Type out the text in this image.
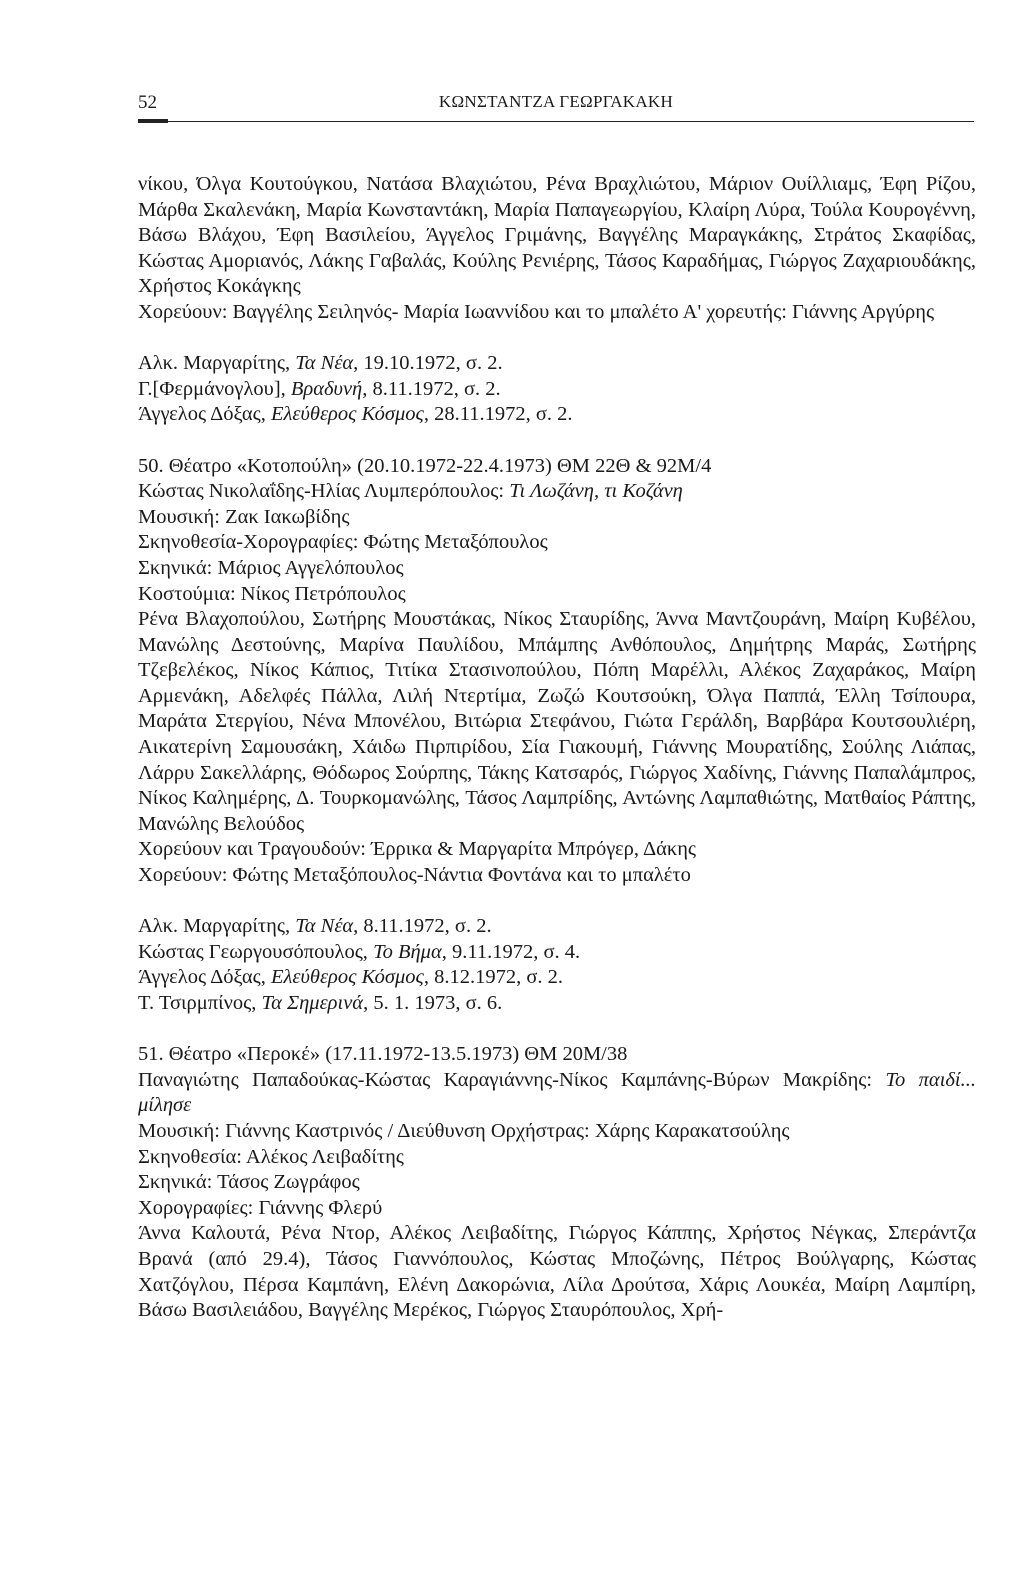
52	ΚΩΝΣΤΑΝΤΖΑ ΓΕΩΡΓΑΚΑΚΗ

νίκου, Όλγα Κουτούγκου, Νατάσα Βλαχιώτου, Ρένα Βραχλιώτου, Μάριον Ουίλλιαμς, Έφη Ρίζου, Μάρθα Σκαλενάκη, Μαρία Κωνσταντάκη, Μαρία Παπαγεωργίου, Κλαίρη Λύρα, Τούλα Κουρογέννη, Βάσω Βλάχου, Έφη Βασιλείου, Άγγελος Γριμάνης, Βαγγέλης Μαραγκάκης, Στράτος Σκαφίδας, Κώστας Αμοριανός, Λάκης Γαβαλάς, Κούλης Ρενιέρης, Τάσος Καραδήμας, Γιώργος Ζαχαριουδάκης, Χρήστος Κοκάγκης

Χορεύουν: Βαγγέλης Σειληνός- Μαρία Ιωαννίδου και το μπαλέτο Α' χορευτής: Γιάννης Αργύρης

Αλκ. Μαργαρίτης, Τα Νέα, 19.10.1972, σ. 2.

Γ.[Φερμάνογλου], Βραδυνή, 8.11.1972, σ. 2.

Άγγελος Δόξας, Ελεύθερος Κόσμος, 28.11.1972, σ. 2.

50. Θέατρο «Κοτοπούλη» (20.10.1972-22.4.1973) ΘΜ 22Θ & 92Μ/4

Κώστας Νικολαΐδης-Ηλίας Λυμπερόπουλος: Τι Λωζάνη, τι Κοζάνη

Μουσική: Ζακ Ιακωβίδης

Σκηνοθεσία-Χορογραφίες: Φώτης Μεταξόπουλος

Σκηνικά: Μάριος Αγγελόπουλος

Κοστούμια: Νίκος Πετρόπουλος

Ρένα Βλαχοπούλου, Σωτήρης Μουστάκας, Νίκος Σταυρίδης, Άννα Μαντζουράνη, Μαίρη Κυβέλου, Μανώλης Δεστούνης, Μαρίνα Παυλίδου, Μπάμπης Ανθόπουλος, Δημήτρης Μαράς, Σωτήρης Τζεβελέκος, Νίκος Κάπιος, Τιτίκα Στασινοπούλου, Πόπη Μαρέλλι, Αλέκος Ζαχαράκος, Μαίρη Αρμενάκη, Αδελφές Πάλλα, Λιλή Ντερτίμα, Ζωζώ Κουτσούκη, Όλγα Παππά, Έλλη Τσίπουρα, Μαράτα Στεργίου, Νένα Μπονέλου, Βιτώρια Στεφάνου, Γιώτα Γεράλδη, Βαρβάρα Κουτσουλιέρη, Αικατερίνη Σαμουσάκη, Χάιδω Πιρπιρίδου, Σία Γιακουμή, Γιάννης Μουρατίδης, Σούλης Λιάπας, Λάρρυ Σακελλάρης, Θόδωρος Σούρπης, Τάκης Κατσαρός, Γιώργος Χαδίνης, Γιάννης Παπαλάμπρος, Νίκος Καλημέρης, Δ. Τουρκομανώλης, Τάσος Λαμπρίδης, Αντώνης Λαμπαθιώτης, Ματθαίος Ράπτης, Μανώλης Βελούδος

Χορεύουν και Τραγουδούν: Έρρικα & Μαργαρίτα Μπρόγερ, Δάκης

Χορεύουν: Φώτης Μεταξόπουλος-Νάντια Φοντάνα και το μπαλέτο

Αλκ. Μαργαρίτης, Τα Νέα, 8.11.1972, σ. 2.

Κώστας Γεωργουσόπουλος, Το Βήμα, 9.11.1972, σ. 4.

Άγγελος Δόξας, Ελεύθερος Κόσμος, 8.12.1972, σ. 2.

Τ. Τσιρμπίνος, Τα Σημερινά, 5. 1. 1973, σ. 6.

51. Θέατρο «Περοκέ» (17.11.1972-13.5.1973) ΘΜ 20Μ/38

Παναγιώτης Παπαδούκας-Κώστας Καραγιάννης-Νίκος Καμπάνης-Βύρων Μακρίδης: Το παιδί... μίλησε

Μουσική: Γιάννης Καστρινός / Διεύθυνση Ορχήστρας: Χάρης Καρακατσούλης

Σκηνοθεσία: Αλέκος Λειβαδίτης

Σκηνικά: Τάσος Ζωγράφος

Χορογραφίες: Γιάννης Φλερύ

Άννα Καλουτά, Ρένα Ντορ, Αλέκος Λειβαδίτης, Γιώργος Κάππης, Χρήστος Νέγκας, Σπεράντζα Βρανά (από 29.4), Τάσος Γιαννόπουλος, Κώστας Μποζώνης, Πέτρος Βούλγαρης, Κώστας Χατζόγλου, Πέρσα Καμπάνη, Ελένη Δακορώνια, Λίλα Δρούτσα, Χάρις Λουκέα, Μαίρη Λαμπίρη, Βάσω Βασιλειάδου, Βαγγέλης Μερέκος, Γιώργος Σταυρόπουλος, Χρή-
